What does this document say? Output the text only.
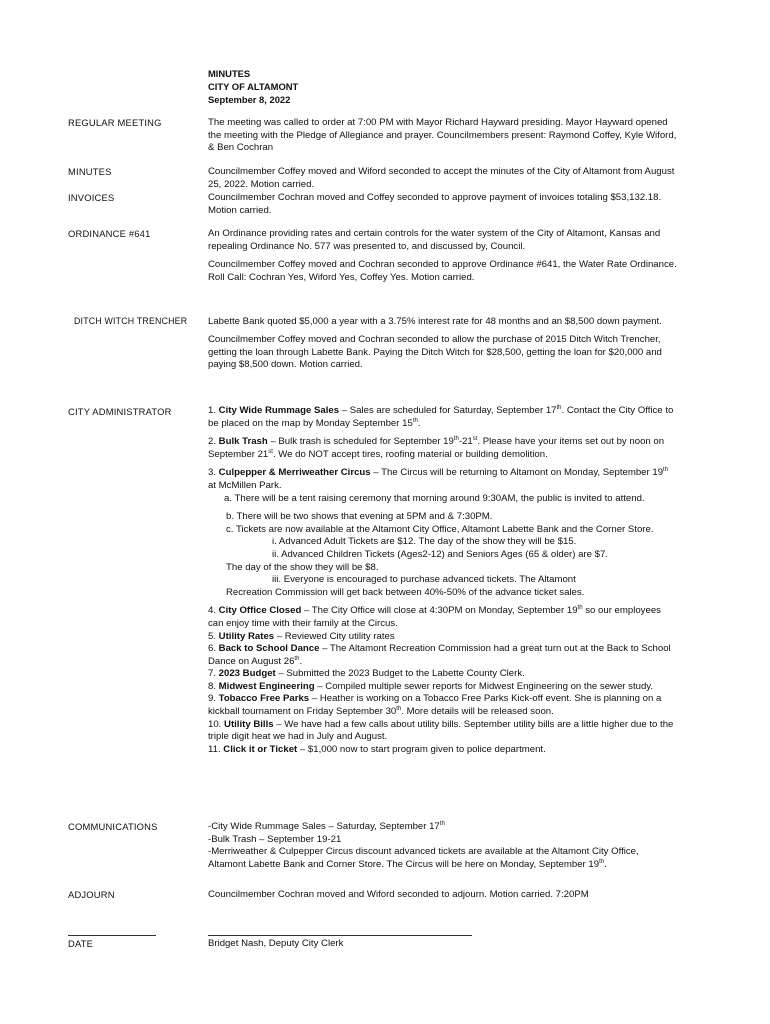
MINUTES
CITY OF ALTAMONT
September 8, 2022
REGULAR MEETING	The meeting was called to order at 7:00 PM with Mayor Richard Hayward presiding. Mayor Hayward opened the meeting with the Pledge of Allegiance and prayer. Councilmembers present: Raymond Coffey, Kyle Wiford, & Ben Cochran

MINUTES	Councilmember Coffey moved and Wiford seconded to accept the minutes of the City of Altamont from August 25, 2022. Motion carried.

INVOICES	Councilmember Cochran moved and Coffey seconded to approve payment of invoices totaling $53,132.18. Motion carried.

ORDINANCE #641	An Ordinance providing rates and certain controls for the water system of the City of Altamont, Kansas and repealing Ordinance No. 577 was presented to, and discussed by, Council.

Councilmember Coffey moved and Cochran seconded to approve Ordinance #641, the Water Rate Ordinance. Roll Call: Cochran Yes, Wiford Yes, Coffey Yes. Motion carried.

DITCH WITCH TRENCHER Labette Bank quoted $5,000 a year with a 3.75% interest rate for 48 months and an $8,500 down payment.

Councilmember Coffey moved and Cochran seconded to allow the purchase of 2015 Ditch Witch Trencher, getting the loan through Labette Bank. Paying the Ditch Witch for $28,500, getting the loan for $20,000 and paying $8,500 down. Motion carried.

CITY ADMINISTRATOR	1. City Wide Rummage Sales – Sales are scheduled for Saturday, September 17th. Contact the City Office to be placed on the map by Monday September 15th.

2. Bulk Trash – Bulk trash is scheduled for September 19th-21st. Please have your items set out by noon on September 21st. We do NOT accept tires, roofing material or building demolition.

3. Culpepper & Merriweather Circus – The Circus will be returning to Altamont on Monday, September 19th at McMillen Park.

a. There will be a tent raising ceremony that morning around 9:30AM, the public is invited to attend.

b. There will be two shows that evening at 5PM and & 7:30PM.

c. Tickets are now available at the Altamont City Office, Altamont Labette Bank and the Corner Store.

i. Advanced Adult Tickets are $12. The day of the show they will be $15.

ii. Advanced Children Tickets (Ages2-12) and Seniors Ages (65 & older) are $7.

The day of the show they will be $8.

iii. Everyone is encouraged to purchase advanced tickets. The Altamont

Recreation Commission will get back between 40%-50% of the advance ticket sales.

4. City Office Closed – The City Office will close at 4:30PM on Monday, September 19th so our employees can enjoy time with their family at the Circus.

5. Utility Rates – Reviewed City utility rates

6. Back to School Dance – The Altamont Recreation Commission had a great turn out at the Back to School Dance on August 26th.

7. 2023 Budget – Submitted the 2023 Budget to the Labette County Clerk.

8. Midwest Engineering – Compiled multiple sewer reports for Midwest Engineering on the sewer study.

9. Tobacco Free Parks – Heather is working on a Tobacco Free Parks Kick-off event. She is planning on a kickball tournament on Friday September 30th. More details will be released soon.

10. Utility Bills – We have had a few calls about utility bills. September utility bills are a little higher due to the triple digit heat we had in July and August.

11. Click it or Ticket – $1,000 now to start program given to police department.

COMMUNICATIONS	-City Wide Rummage Sales – Saturday, September 17th

-Bulk Trash – September 19-21

-Merriweather & Culpepper Circus discount advanced tickets are available at the Altamont City Office, Altamont Labette Bank and Corner Store. The Circus will be here on Monday, September 19th.

ADJOURN	Councilmember Cochran moved and Wiford seconded to adjourn. Motion carried. 7:20PM

DATE	Bridget Nash, Deputy City Clerk
